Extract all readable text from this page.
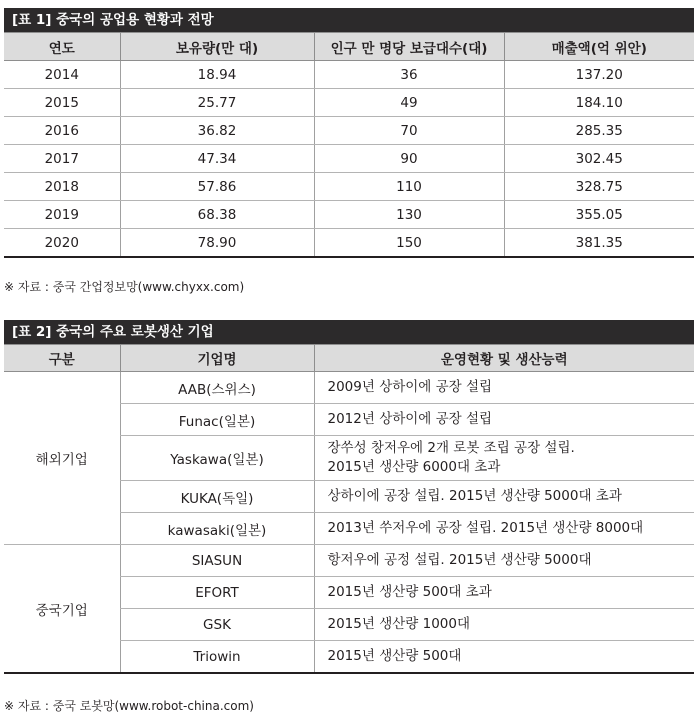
[표 1] 중국의 공업용 현황과 전망
연도	보유량(만 대)	인구 만 명당 보급대수(대)	매출액(억 위안)
2014	18.94	36	137.20
2015	25.77	49	184.10
2016	36.82	70	285.35
2017	47.34	90	302.45
2018	57.86	110	328.75
2019	68.38	130	355.05
2020	78.90	150	381.35
※ 자료 : 중국 간업정보망(www.chyxx.com)
[표 2] 중국의 주요 로봇생산 기업
구분	기업명	운영현황 및 생산능력
해외기업	AAB(스위스)	2009년 상하이에 공장 설립
	Funac(일본)	2012년 상하이에 공장 설립
	Yaskawa(일본)	장쑤성 창저우에 2개 로봇 조립 공장 설립.
2015년 생산량 6000대 초과

	KUKA(독일)	상하이에 공장 설립. 2015년 생산량 5000대 초과
	kawasaki(일본)	2013년 쑤저우에 공장 설립. 2015년 생산량 8000대
중국기업	SIASUN	항저우에 공정 설립. 2015년 생산량 5000대
	EFORT	2015년 생산량 500대 초과
	GSK	2015년 생산량 1000대
	Triowin	2015년 생산량 500대
※ 자료 : 중국 로봇망(www.robot-china.com)
